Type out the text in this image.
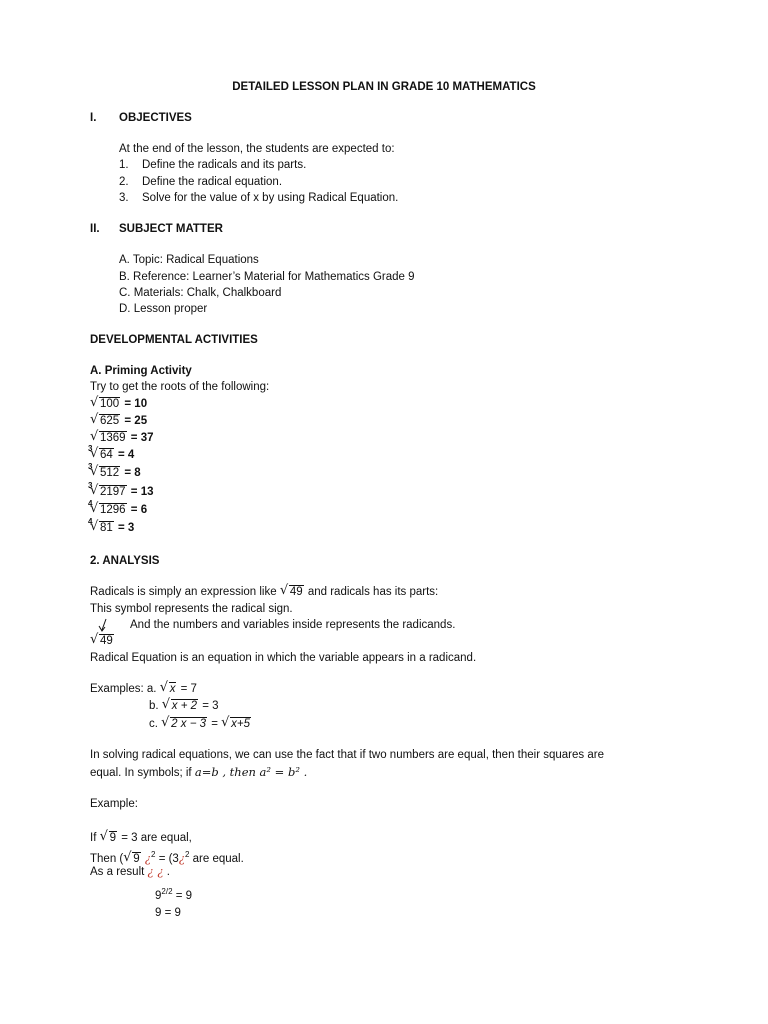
DETAILED LESSON PLAN IN GRADE 10 MATHEMATICS
I. OBJECTIVES
At the end of the lesson, the students are expected to:
1. Define the radicals and its parts.
2. Define the radical equation.
3. Solve for the value of x by using Radical Equation.
II. SUBJECT MATTER
A. Topic: Radical Equations
B. Reference: Learner’s Material for Mathematics Grade 9
C. Materials: Chalk, Chalkboard
D. Lesson proper
DEVELOPMENTAL ACTIVITIES
A. Priming Activity
Try to get the roots of the following:
√ 100 = 10
√ 625 = 25
√ 1369 = 37
√ 3
64 = 4
√ 3
512 = 8
√ 3
2197 = 13
√ 4
1296 = 6
√ 4
81 = 3
2. ANALYSIS
Radicals is simply an expression like √ 49 and radicals has its parts:
This symbol represents the radical sign.
And the numbers and variables inside represents the radicands.
√ 49
Radical Equation is an equation in which the variable appears in a radicand.
Examples: a. √ x = 7
b. √ x + 2 = 3
c. √ 2 x − 3 = √ x+5
In solving radical equations, we can use the fact that if two numbers are equal, then their squares are
equal. In symbols; if a=b , then a² = b² .
Example:
If √ 9 = 3 are equal,
Then ( √ 9 ¿$^2$ = (3¿$^2$ are equal.
As a result ¿ ¿ .
$9^{2/2} = 9$
9 = 9
